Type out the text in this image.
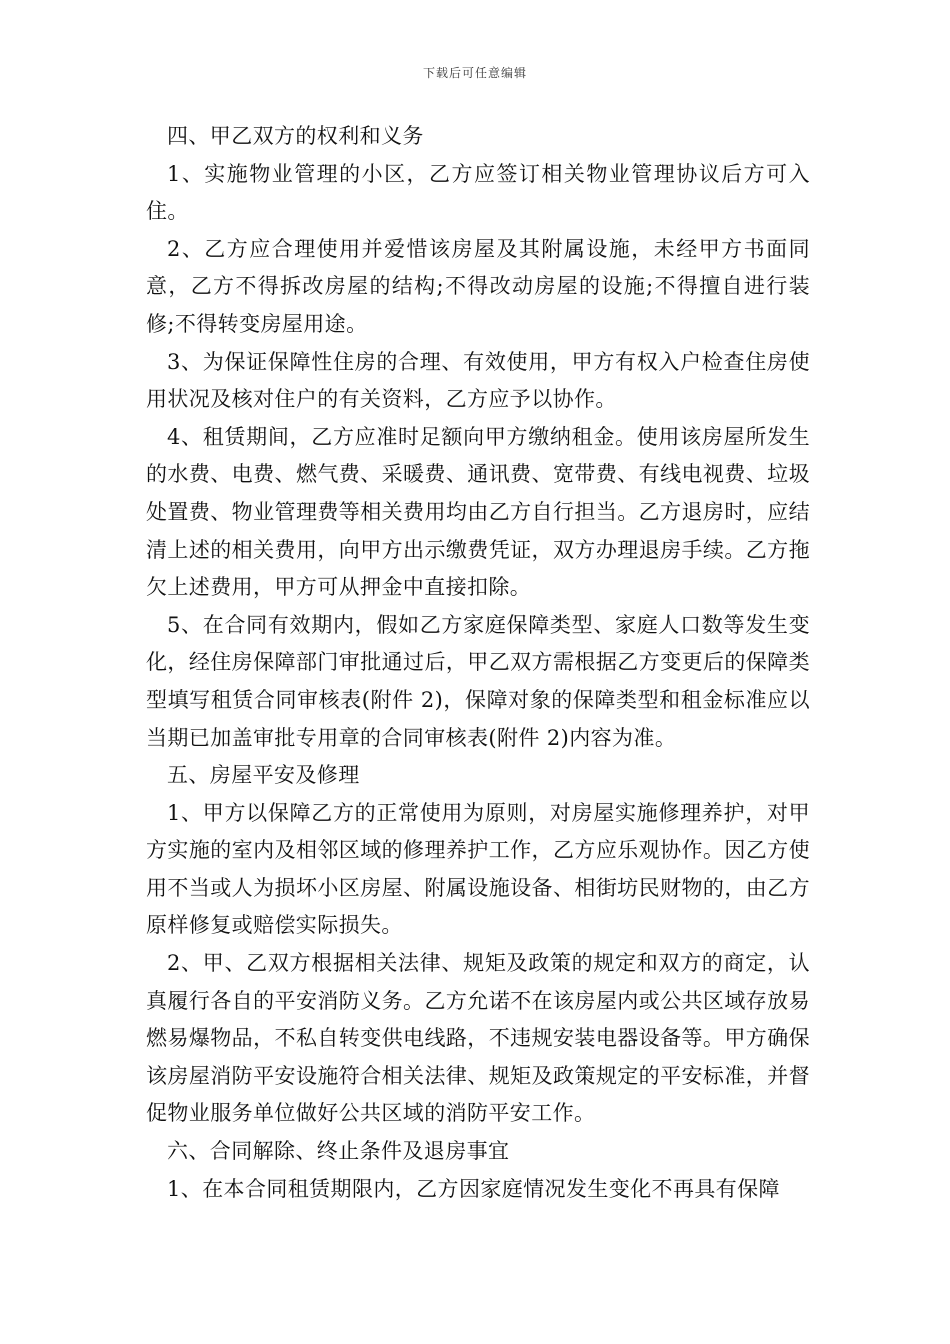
下载后可任意编辑

四、甲乙双方的权利和义务

1、实施物业管理的小区，乙方应签订相关物业管理协议后方可入住。

2、乙方应合理使用并爱惜该房屋及其附属设施，未经甲方书面同意，乙方不得拆改房屋的结构;不得改动房屋的设施;不得擅自进行装修;不得转变房屋用途。

3、为保证保障性住房的合理、有效使用，甲方有权入户检查住房使用状况及核对住户的有关资料，乙方应予以协作。

4、租赁期间，乙方应准时足额向甲方缴纳租金。使用该房屋所发生的水费、电费、燃气费、采暖费、通讯费、宽带费、有线电视费、垃圾处置费、物业管理费等相关费用均由乙方自行担当。乙方退房时，应结清上述的相关费用，向甲方出示缴费凭证，双方办理退房手续。乙方拖欠上述费用，甲方可从押金中直接扣除。

5、在合同有效期内，假如乙方家庭保障类型、家庭人口数等发生变化，经住房保障部门审批通过后，甲乙双方需根据乙方变更后的保障类型填写租赁合同审核表(附件 2)，保障对象的保障类型和租金标准应以当期已加盖审批专用章的合同审核表(附件 2)内容为准。

五、房屋平安及修理

1、甲方以保障乙方的正常使用为原则，对房屋实施修理养护，对甲方实施的室内及相邻区域的修理养护工作，乙方应乐观协作。因乙方使用不当或人为损坏小区房屋、附属设施设备、相街坊民财物的，由乙方原样修复或赔偿实际损失。

2、甲、乙双方根据相关法律、规矩及政策的规定和双方的商定，认真履行各自的平安消防义务。乙方允诺不在该房屋内或公共区域存放易燃易爆物品，不私自转变供电线路，不违规安装电器设备等。甲方确保该房屋消防平安设施符合相关法律、规矩及政策规定的平安标准，并督促物业服务单位做好公共区域的消防平安工作。

六、合同解除、终止条件及退房事宜

1、在本合同租赁期限内，乙方因家庭情况发生变化不再具有保障
